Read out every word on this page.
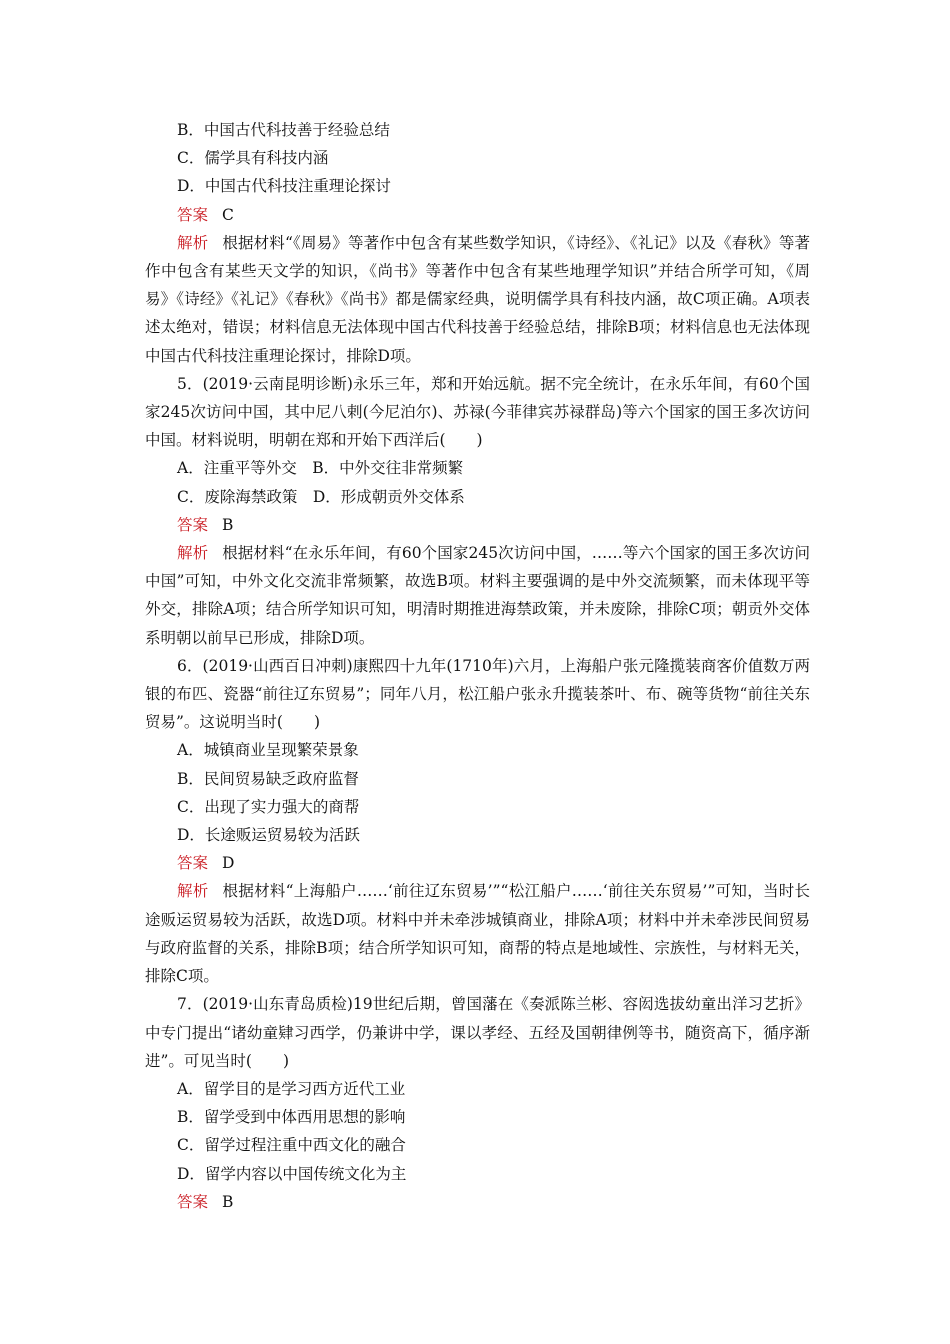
B．中国古代科技善于经验总结
C．儒学具有科技内涵
D．中国古代科技注重理论探讨
答案 C
解析 根据材料“《周易》等著作中包含有某些数学知识，《诗经》、《礼记》以及《春秋》等著作中包含有某些天文学的知识，《尚书》等著作中包含有某些地理学知识”并结合所学可知，《周易》《诗经》《礼记》《春秋》《尚书》都是儒家经典，说明儒学具有科技内涵，故C项正确。A项表述太绝对，错误；材料信息无法体现中国古代科技善于经验总结，排除B项；材料信息也无法体现中国古代科技注重理论探讨，排除D项。
5．(2019·云南昆明诊断)永乐三年，郑和开始远航。据不完全统计，在永乐年间，有60个国家245次访问中国，其中尼八剌(今尼泊尔)、苏禄(今菲律宾苏禄群岛)等六个国家的国王多次访问中国。材料说明，明朝在郑和开始下西洋后(　　)
A．注重平等外交　B．中外交往非常频繁
C．废除海禁政策　D．形成朝贡外交体系
答案 B
解析 根据材料“在永乐年间，有60个国家245次访问中国，……等六个国家的国王多次访问中国”可知，中外文化交流非常频繁，故选B项。材料主要强调的是中外交流频繁，而未体现平等外交，排除A项；结合所学知识可知，明清时期推进海禁政策，并未废除，排除C项；朝贡外交体系明朝以前早已形成，排除D项。
6．(2019·山西百日冲刺)康熙四十九年(1710年)六月，上海船户张元隆揽装商客价值数万两银的布匹、瓷器“前往辽东贸易”；同年八月，松江船户张永升揽装茶叶、布、碗等货物“前往关东贸易”。这说明当时(　　)
A．城镇商业呈现繁荣景象
B．民间贸易缺乏政府监督
C．出现了实力强大的商帮
D．长途贩运贸易较为活跃
答案 D
解析 根据材料“上海船户……‘前往辽东贸易’”“松江船户……‘前往关东贸易’”可知，当时长途贩运贸易较为活跃，故选D项。材料中并未牵涉城镇商业，排除A项；材料中并未牵涉民间贸易与政府监督的关系，排除B项；结合所学知识可知，商帮的特点是地域性、宗族性，与材料无关，排除C项。
7．(2019·山东青岛质检)19世纪后期，曾国藩在《奏派陈兰彬、容闳选拔幼童出洋习艺折》中专门提出“诸幼童肄习西学，仍兼讲中学，课以孝经、五经及国朝律例等书，随资高下，循序渐进”。可见当时(　　)
A．留学目的是学习西方近代工业
B．留学受到中体西用思想的影响
C．留学过程注重中西文化的融合
D．留学内容以中国传统文化为主
答案 B
